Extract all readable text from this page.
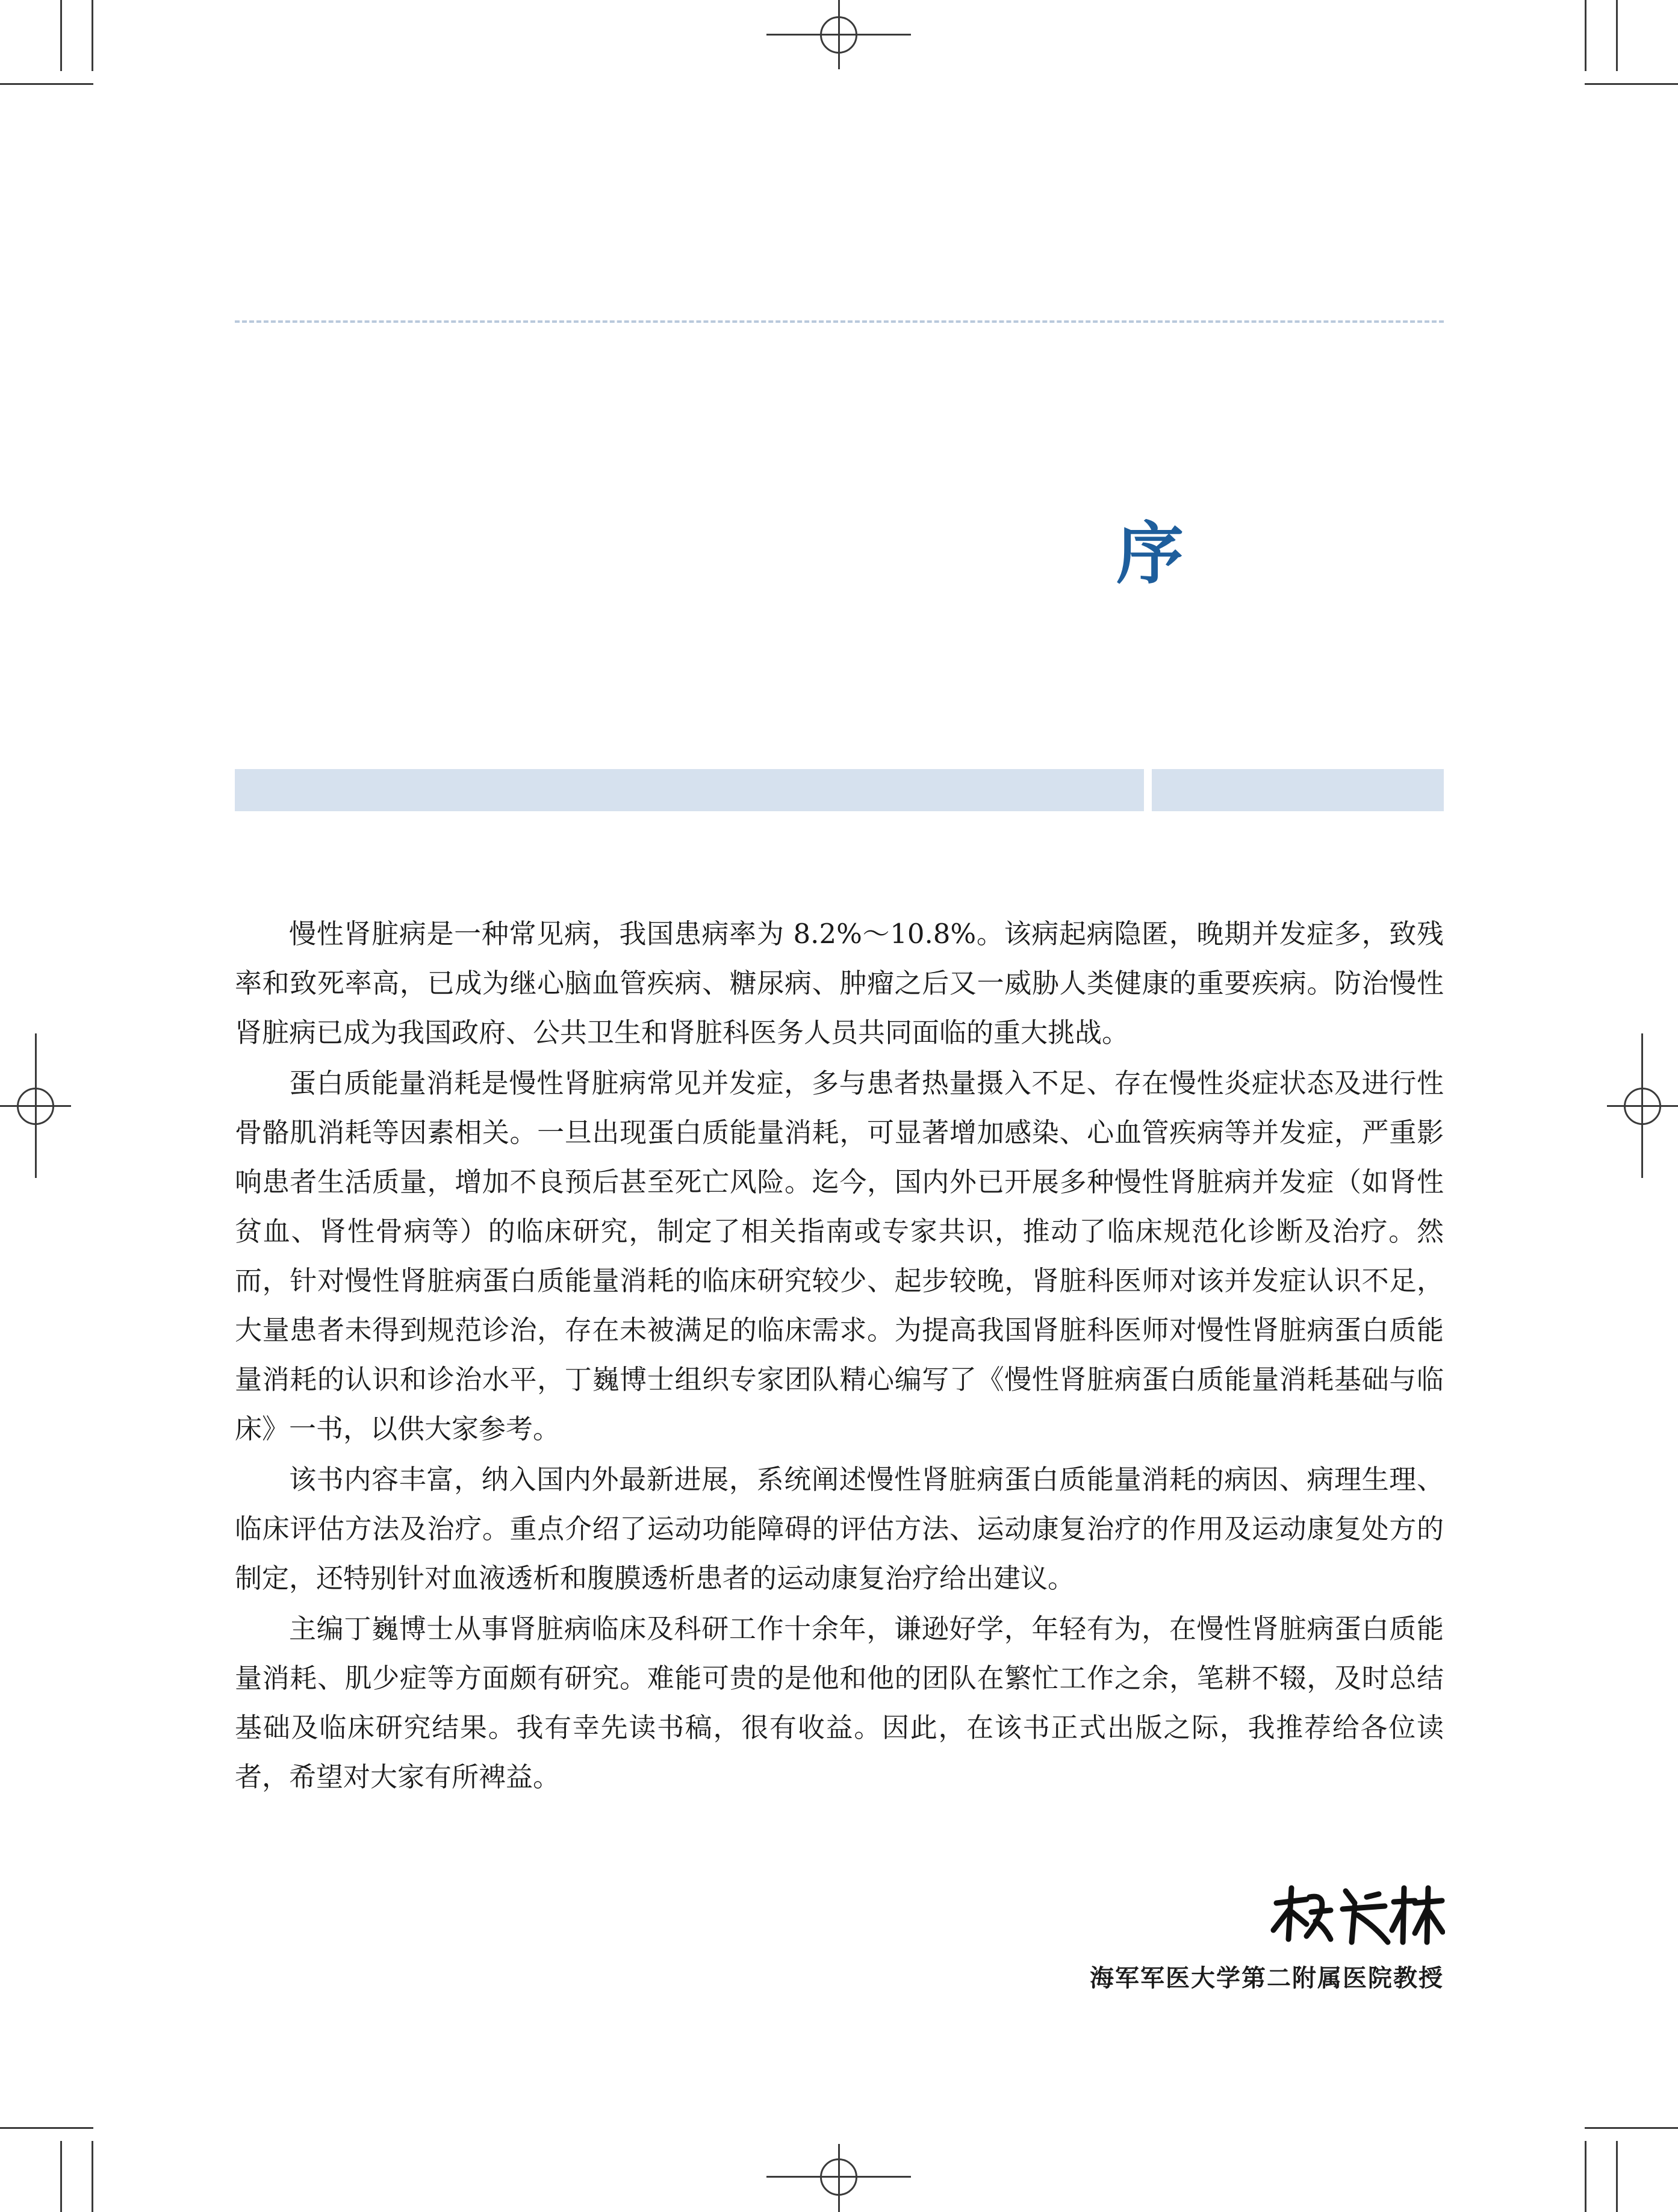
序

慢性肾脏病是一种常见病，我国患病率为 8.2%～10.8%。该病起病隐匿，晚期并发症多，致残率和致死率高，已成为继心脑血管疾病、糖尿病、肿瘤之后又一威胁人类健康的重要疾病。防治慢性肾脏病已成为我国政府、公共卫生和肾脏科医务人员共同面临的重大挑战。

蛋白质能量消耗是慢性肾脏病常见并发症，多与患者热量摄入不足、存在慢性炎症状态及进行性骨骼肌消耗等因素相关。一旦出现蛋白质能量消耗，可显著增加感染、心血管疾病等并发症，严重影响患者生活质量，增加不良预后甚至死亡风险。迄今，国内外已开展多种慢性肾脏病并发症（如肾性贫血、肾性骨病等）的临床研究，制定了相关指南或专家共识，推动了临床规范化诊断及治疗。然而，针对慢性肾脏病蛋白质能量消耗的临床研究较少、起步较晚，肾脏科医师对该并发症认识不足，大量患者未得到规范诊治，存在未被满足的临床需求。为提高我国肾脏科医师对慢性肾脏病蛋白质能量消耗的认识和诊治水平，丁巍博士组织专家团队精心编写了《慢性肾脏病蛋白质能量消耗基础与临床》一书，以供大家参考。

该书内容丰富，纳入国内外最新进展，系统阐述慢性肾脏病蛋白质能量消耗的病因、病理生理、临床评估方法及治疗。重点介绍了运动功能障碍的评估方法、运动康复治疗的作用及运动康复处方的制定，还特别针对血液透析和腹膜透析患者的运动康复治疗给出建议。

主编丁巍博士从事肾脏病临床及科研工作十余年，谦逊好学，年轻有为，在慢性肾脏病蛋白质能量消耗、肌少症等方面颇有研究。难能可贵的是他和他的团队在繁忙工作之余，笔耕不辍，及时总结基础及临床研究结果。我有幸先读书稿，很有收益。因此，在该书正式出版之际，我推荐给各位读者，希望对大家有所裨益。

海军军医大学第二附属医院教授
